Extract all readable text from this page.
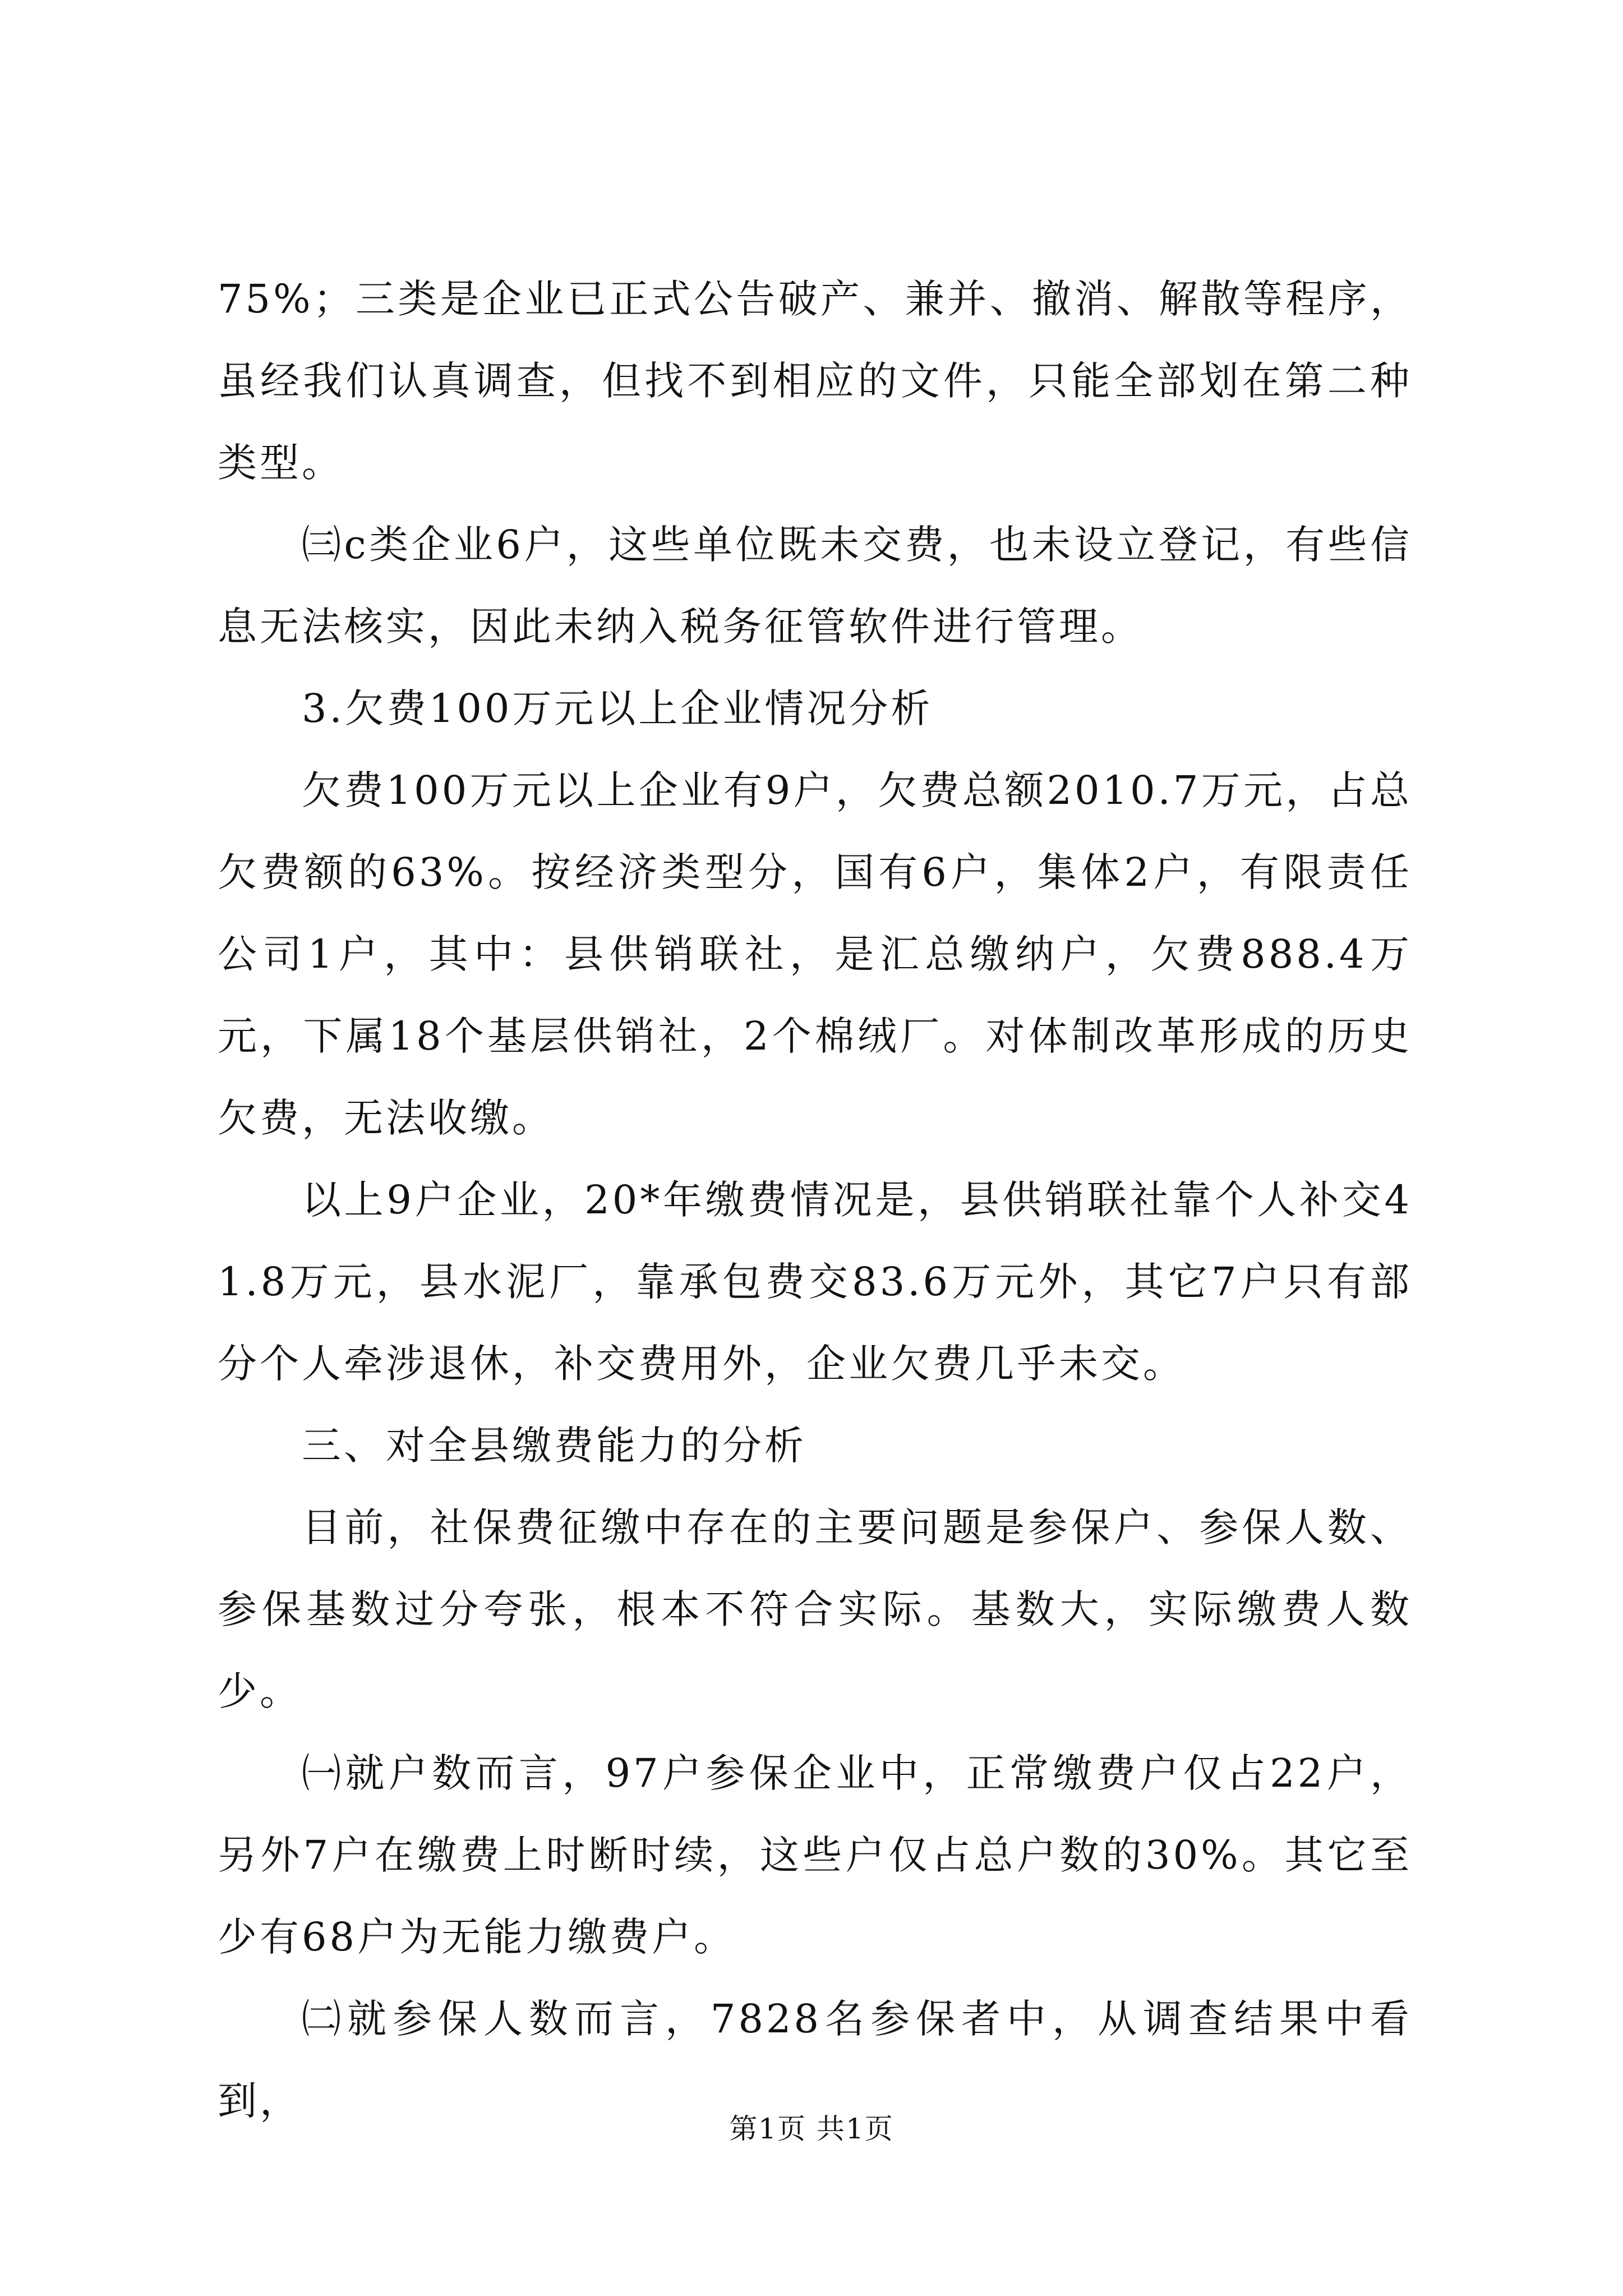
75%；三类是企业已正式公告破产、兼并、撤消、解散等程序，虽经我们认真调查，但找不到相应的文件，只能全部划在第二种类型。

㈢c类企业6户，这些单位既未交费，也未设立登记，有些信息无法核实，因此未纳入税务征管软件进行管理。

3.欠费100万元以上企业情况分析

欠费100万元以上企业有9户，欠费总额2010.7万元，占总欠费额的63%。按经济类型分，国有6户，集体2户，有限责任公司1户，其中：县供销联社，是汇总缴纳户，欠费888.4万元，下属18个基层供销社，2个棉绒厂。对体制改革形成的历史欠费，无法收缴。

以上9户企业，20*年缴费情况是，县供销联社靠个人补交41.8万元，县水泥厂，靠承包费交83.6万元外，其它7户只有部分个人牵涉退休，补交费用外，企业欠费几乎未交。

三、对全县缴费能力的分析

目前，社保费征缴中存在的主要问题是参保户、参保人数、参保基数过分夸张，根本不符合实际。基数大，实际缴费人数少。

㈠就户数而言，97户参保企业中，正常缴费户仅占22户，另外7户在缴费上时断时续，这些户仅占总户数的30%。其它至少有68户为无能力缴费户。

㈡就参保人数而言，7828名参保者中，从调查结果中看到，

第1页 共1页
